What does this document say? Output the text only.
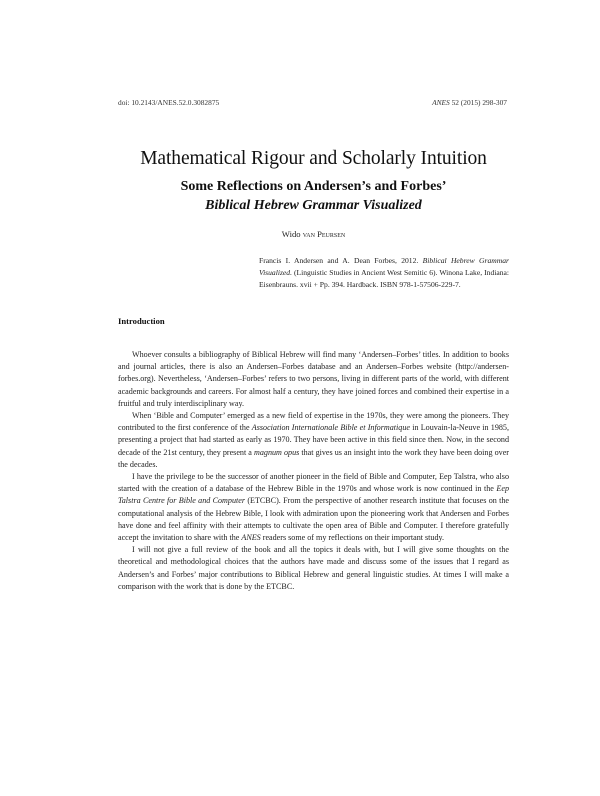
doi: 10.2143/ANES.52.0.3082875	ANES 52 (2015) 298-307
Mathematical Rigour and Scholarly Intuition
Some Reflections on Andersen’s and Forbes’
Biblical Hebrew Grammar Visualized
Wido van Peursen
Francis I. Andersen and A. Dean Forbes, 2012. Biblical Hebrew Grammar Visualized. (Linguistic Studies in Ancient West Semitic 6). Winona Lake, Indiana: Eisenbrauns. xvii + Pp. 394. Hardback. ISBN 978-1-57506-229-7.
Introduction

Whoever consults a bibliography of Biblical Hebrew will find many ‘Andersen–Forbes’ titles. In addition to books and journal articles, there is also an Andersen–Forbes database and an Andersen–Forbes website (http://andersen-forbes.org). Nevertheless, ‘Andersen–Forbes’ refers to two persons, living in different parts of the world, with different academic backgrounds and careers. For almost half a century, they have joined forces and combined their expertise in a fruitful and truly interdisciplinary way.

When ‘Bible and Computer’ emerged as a new field of expertise in the 1970s, they were among the pioneers. They contributed to the first conference of the Association Internationale Bible et Informatique in Louvain-la-Neuve in 1985, presenting a project that had started as early as 1970. They have been active in this field since then. Now, in the second decade of the 21st century, they present a magnum opus that gives us an insight into the work they have been doing over the decades.

I have the privilege to be the successor of another pioneer in the field of Bible and Computer, Eep Talstra, who also started with the creation of a database of the Hebrew Bible in the 1970s and whose work is now continued in the Eep Talstra Centre for Bible and Computer (ETCBC). From the perspective of another research institute that focuses on the computational analysis of the Hebrew Bible, I look with admiration upon the pioneering work that Andersen and Forbes have done and feel affinity with their attempts to cultivate the open area of Bible and Computer. I therefore gratefully accept the invitation to share with the ANES readers some of my reflections on their important study.

I will not give a full review of the book and all the topics it deals with, but I will give some thoughts on the theoretical and methodological choices that the authors have made and discuss some of the issues that I regard as Andersen’s and Forbes’ major contributions to Biblical Hebrew and general linguistic studies. At times I will make a comparison with the work that is done by the ETCBC.
